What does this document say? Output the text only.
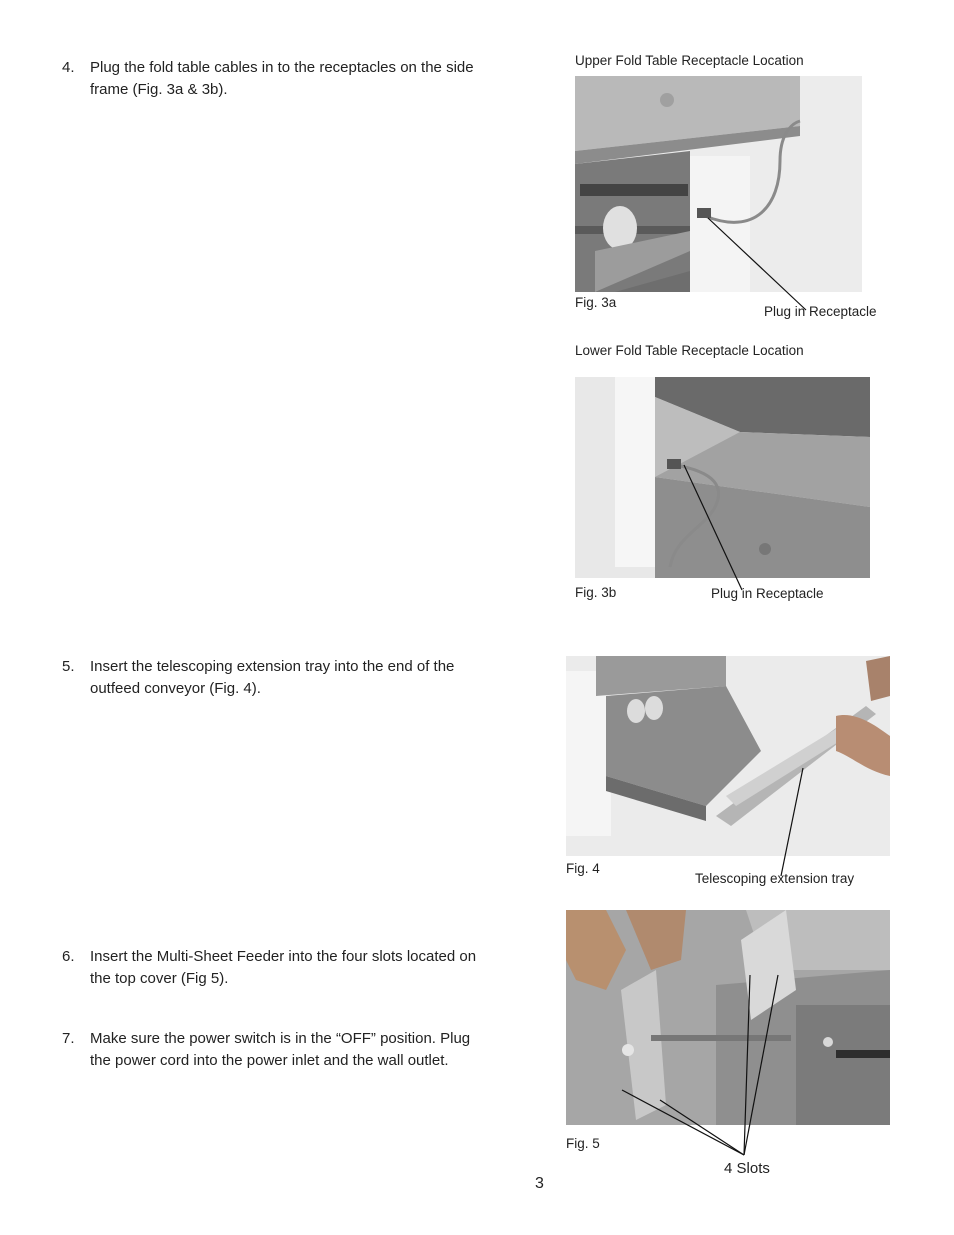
4. Plug the fold table cables in to the receptacles on the side frame (Fig. 3a & 3b).
5. Insert the telescoping extension tray into the end of the outfeed conveyor (Fig. 4).
6. Insert the Multi-Sheet Feeder into the four slots located on the top cover (Fig 5).
7. Make sure the power switch is in the “OFF” position. Plug the power cord into the power inlet and the wall outlet.
Upper Fold Table Receptacle Location
Fig. 3a
Plug in Receptacle
Lower Fold Table Receptacle Location
Fig. 3b	Plug in Receptacle
Fig. 4
Telescoping extension tray
Fig. 5
4 Slots
3
